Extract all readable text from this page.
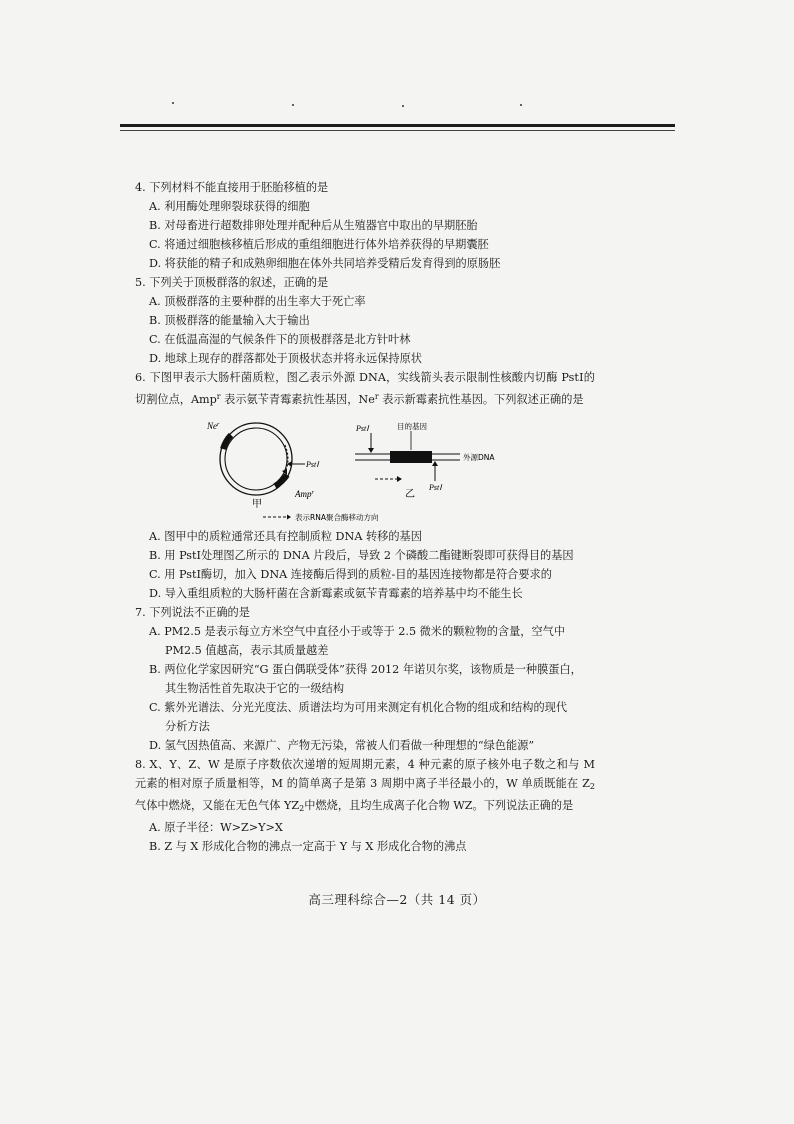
4. 下列材料不能直接用于胚胎移植的是
A. 利用酶处理卵裂球获得的细胞
B. 对母畜进行超数排卵处理并配种后从生殖器官中取出的早期胚胎
C. 将通过细胞核移植后形成的重组细胞进行体外培养获得的早期囊胚
D. 将获能的精子和成熟卵细胞在体外共同培养受精后发育得到的原肠胚
5. 下列关于顶极群落的叙述，正确的是
A. 顶极群落的主要种群的出生率大于死亡率
B. 顶极群落的能量输入大于输出
C. 在低温高湿的气候条件下的顶极群落是北方针叶林
D. 地球上现存的群落都处于顶极状态并将永远保持原状
6. 下图甲表示大肠杆菌质粒，图乙表示外源 DNA，实线箭头表示限制性核酸内切酶 PstⅠ的切割位点，Amp$^r$ 表示氨苄青霉素抗性基因，Ne$^r$ 表示新霉素抗性基因。下列叙述正确的是
Ne$^r$
PstⅠ
Amp$^r$
甲
PstⅠ	目的基因
外源DNA
PstⅠ
乙
表示RNA聚合酶移动方向
A. 图甲中的质粒通常还具有控制质粒 DNA 转移的基因
B. 用 PstⅠ处理图乙所示的 DNA 片段后，导致 2 个磷酸二酯键断裂即可获得目的基因
C. 用 PstⅠ酶切，加入 DNA 连接酶后得到的质粒-目的基因连接物都是符合要求的
D. 导入重组质粒的大肠杆菌在含新霉素或氨苄青霉素的培养基中均不能生长
7. 下列说法不正确的是
A. PM2.5 是表示每立方米空气中直径小于或等于 2.5 微米的颗粒物的含量，空气中
PM2.5 值越高，表示其质量越差
B. 两位化学家因研究“G 蛋白偶联受体”获得 2012 年诺贝尔奖，该物质是一种膜蛋白，
其生物活性首先取决于它的一级结构
C. 紫外光谱法、分光光度法、质谱法均为可用来测定有机化合物的组成和结构的现代
分析方法
D. 氢气因热值高、来源广、产物无污染，常被人们看做一种理想的“绿色能源”
8. X、Y、Z、W 是原子序数依次递增的短周期元素，4 种元素的原子核外电子数之和与 M 元素的相对原子质量相等，M 的简单离子是第 3 周期中离子半径最小的，W 单质既能在 $Z_2$气体中燃烧，又能在无色气体 $YZ_2$中燃烧，且均生成离子化合物 WZ。下列说法正确的是
A. 原子半径：W>Z>Y>X
B. Z 与 X 形成化合物的沸点一定高于 Y 与 X 形成化合物的沸点
高三理科综合—2（共 14 页）
